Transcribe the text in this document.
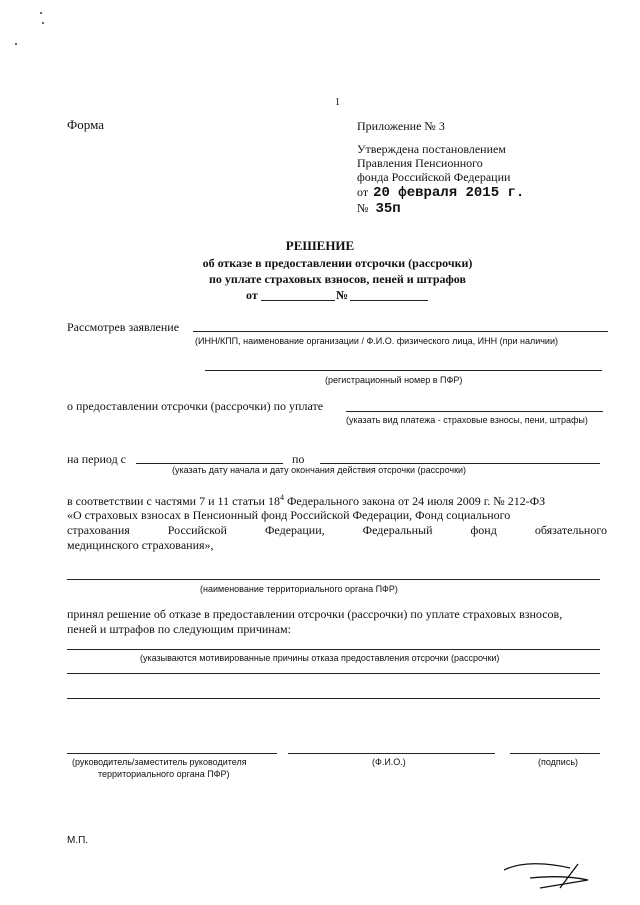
1
Форма	Приложение № 3
Утверждена постановлением
Правления Пенсионного
фонда Российской Федерации
от 20 февраля 2015 г.
№ 35п
РЕШЕНИЕ
об отказе в предоставлении отсрочки (рассрочки)
по уплате страховых взносов, пеней и штрафов
от	№
Рассмотрев заявление
(ИНН/КПП, наименование организации / Ф.И.О. физического лица, ИНН (при наличии)
(регистрационный номер в ПФР)
о предоставлении отсрочки (рассрочки) по уплате
(указать вид платежа - страховые взносы, пени, штрафы)
на период с	по
(указать дату начала и дату окончания действия отсрочки (рассрочки)
в соответствии с частями 7 и 11 статьи $18^4$ Федерального закона от 24 июля 2009 г. № 212-ФЗ
«О страховых взносах в Пенсионный фонд Российской Федерации, Фонд социального
страхования	Российской	Федерации,	Федеральный	фонд	обязательного
медицинского страхования»,
(наименование территориального органа ПФР)
принял решение об отказе в предоставлении отсрочки (рассрочки) по уплате страховых взносов,
пеней и штрафов по следующим причинам:
(указываются мотивированные причины отказа предоставления отсрочки (рассрочки)
(руководитель/заместитель руководителя
территориального органа ПФР)
(Ф.И.О.)	(подпись)
М.П.
